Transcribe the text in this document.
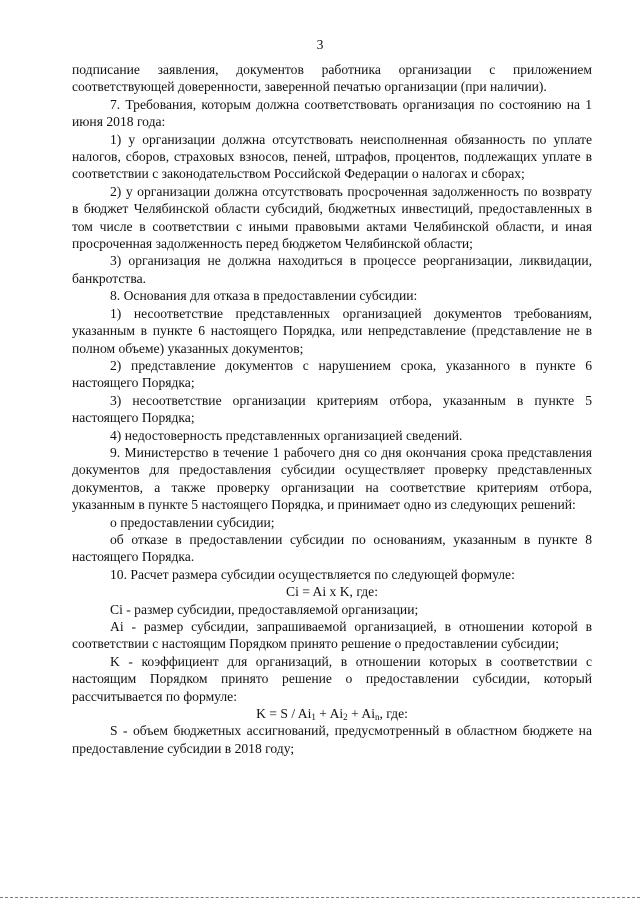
3

подписание заявления, документов работника организации с приложением соответствующей доверенности, заверенной печатью организации (при наличии).

7. Требования, которым должна соответствовать организация по состоянию на 1 июня 2018 года:

1) у организации должна отсутствовать неисполненная обязанность по уплате налогов, сборов, страховых взносов, пеней, штрафов, процентов, подлежащих уплате в соответствии с законодательством Российской Федерации о налогах и сборах;

2) у организации должна отсутствовать просроченная задолженность по возврату в бюджет Челябинской области субсидий, бюджетных инвестиций, предоставленных в том числе в соответствии с иными правовыми актами Челябинской области, и иная просроченная задолженность перед бюджетом Челябинской области;

3) организация не должна находиться в процессе реорганизации, ликвидации, банкротства.

8. Основания для отказа в предоставлении субсидии:

1) несоответствие представленных организацией документов требованиям, указанным в пункте 6 настоящего Порядка, или непредставление (представление не в полном объеме) указанных документов;

2) представление документов с нарушением срока, указанного в пункте 6 настоящего Порядка;

3) несоответствие организации критериям отбора, указанным в пункте 5 настоящего Порядка;

4) недостоверность представленных организацией сведений.

9. Министерство в течение 1 рабочего дня со дня окончания срока представления документов для предоставления субсидии осуществляет проверку представленных документов, а также проверку организации на соответствие критериям отбора, указанным в пункте 5 настоящего Порядка, и принимает одно из следующих решений:

о предоставлении субсидии;

об отказе в предоставлении субсидии по основаниям, указанным в пункте 8 настоящего Порядка.

10. Расчет размера субсидии осуществляется по следующей формуле:

Ci = Ai x K, где:

Ci - размер субсидии, предоставляемой организации;

Ai - размер субсидии, запрашиваемой организацией, в отношении которой в соответствии с настоящим Порядком принято решение о предоставлении субсидии;

K - коэффициент для организаций, в отношении которых в соответствии с настоящим Порядком принято решение о предоставлении субсидии, который рассчитывается по формуле:

$K = S / Ai_1 + Ai_2 + Ai_n$, где:

S - объем бюджетных ассигнований, предусмотренный в областном бюджете на предоставление субсидии в 2018 году;
